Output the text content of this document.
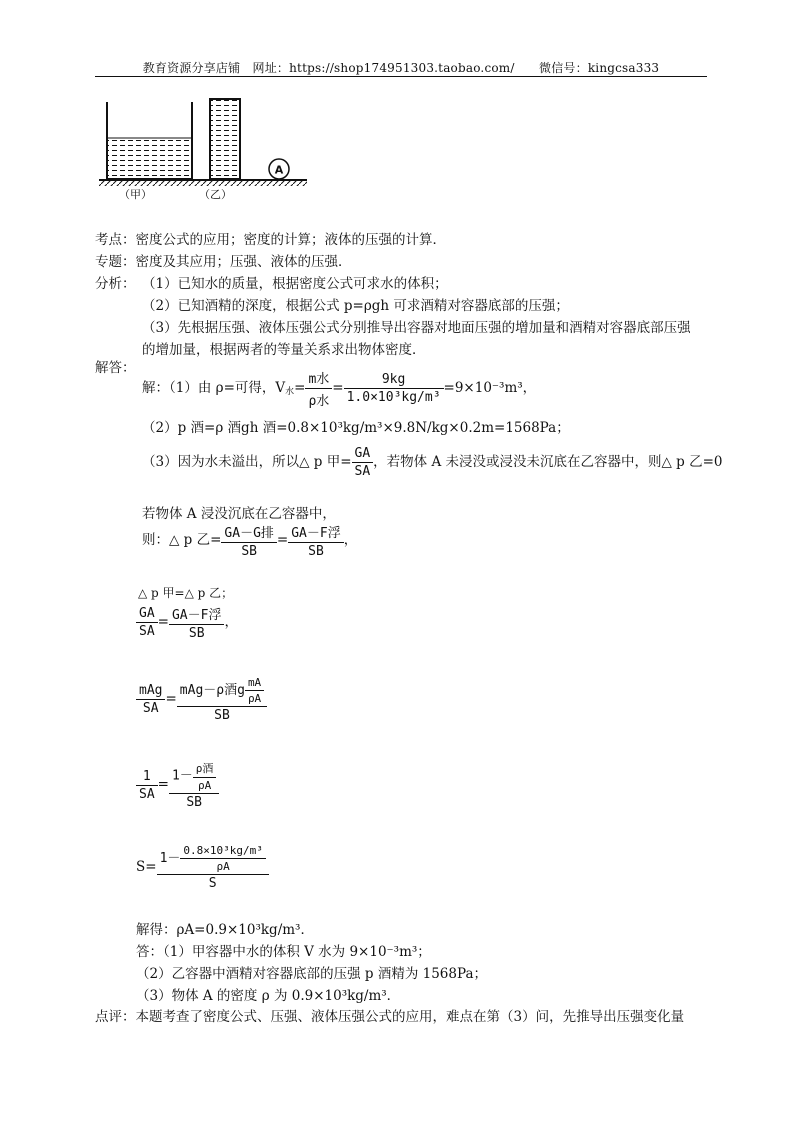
教育资源分享店铺　网址：https://shop174951303.taobao.com/　　微信号：kingcsa333
A
（甲）	（乙）
考点：密度公式的应用；密度的计算；液体的压强的计算．
专题：密度及其应用；压强、液体的压强．
分析： （1）已知水的质量，根据密度公式可求水的体积；
（2）已知酒精的深度，根据公式 p=ρgh 可求酒精对容器底部的压强；
（3）先根据压强、液体压强公式分别推导出容器对地面压强的增加量和酒精对容器底部压强
的增加量，根据两者的等量关系求出物体密度．
解答：
解：（1）由 ρ=可得，$V_水= \frac{\text{m水}}{\text{ρ水}} = \frac{9kg}{\text{1.0×10³kg/m³}} =9\times 10^{-3}m^3$，
（2）p 酒=ρ 酒gh 酒=0.8×10³kg/m³×9.8N/kg×0.2m=1568Pa；
（3）因为水未溢出，所以△ p 甲= $\frac{GA}{SA}$ ，若物体 A 未浸没或浸没未沉底在乙容器中，则△ p 乙=0
若物体 A 浸没沉底在乙容器中，
则：△ p 乙= $\frac{\text{GA－G排}}{SB} = \frac{\text{GA－F浮}}{SB}$ ，
△ p 甲=△ p 乙；
$\frac{GA}{SA} = \frac{\text{GA－F浮}}{SB}$ ，
$\frac{\text{mAg}}{SA} = \frac{mAg-\rho 酒g \frac{mA}{\rho A}}{SB}$
$\frac{1}{SA} = \frac{1- \frac{\text{ρ酒}}{\rho A}}{SB}$
$S= \frac{1- \frac{\text{0.8×10³kg/m³}}{\rho A}}{S}$
解得：ρA=0.9×10³kg/m³．
答：（1）甲容器中水的体积 V 水为 9×10⁻³m³；
（2）乙容器中酒精对容器底部的压强 p 酒精为 1568Pa；
（3）物体 A 的密度 ρ 为 0.9×10³kg/m³．
点评：本题考查了密度公式、压强、液体压强公式的应用，难点在第（3）问，先推导出压强变化量
